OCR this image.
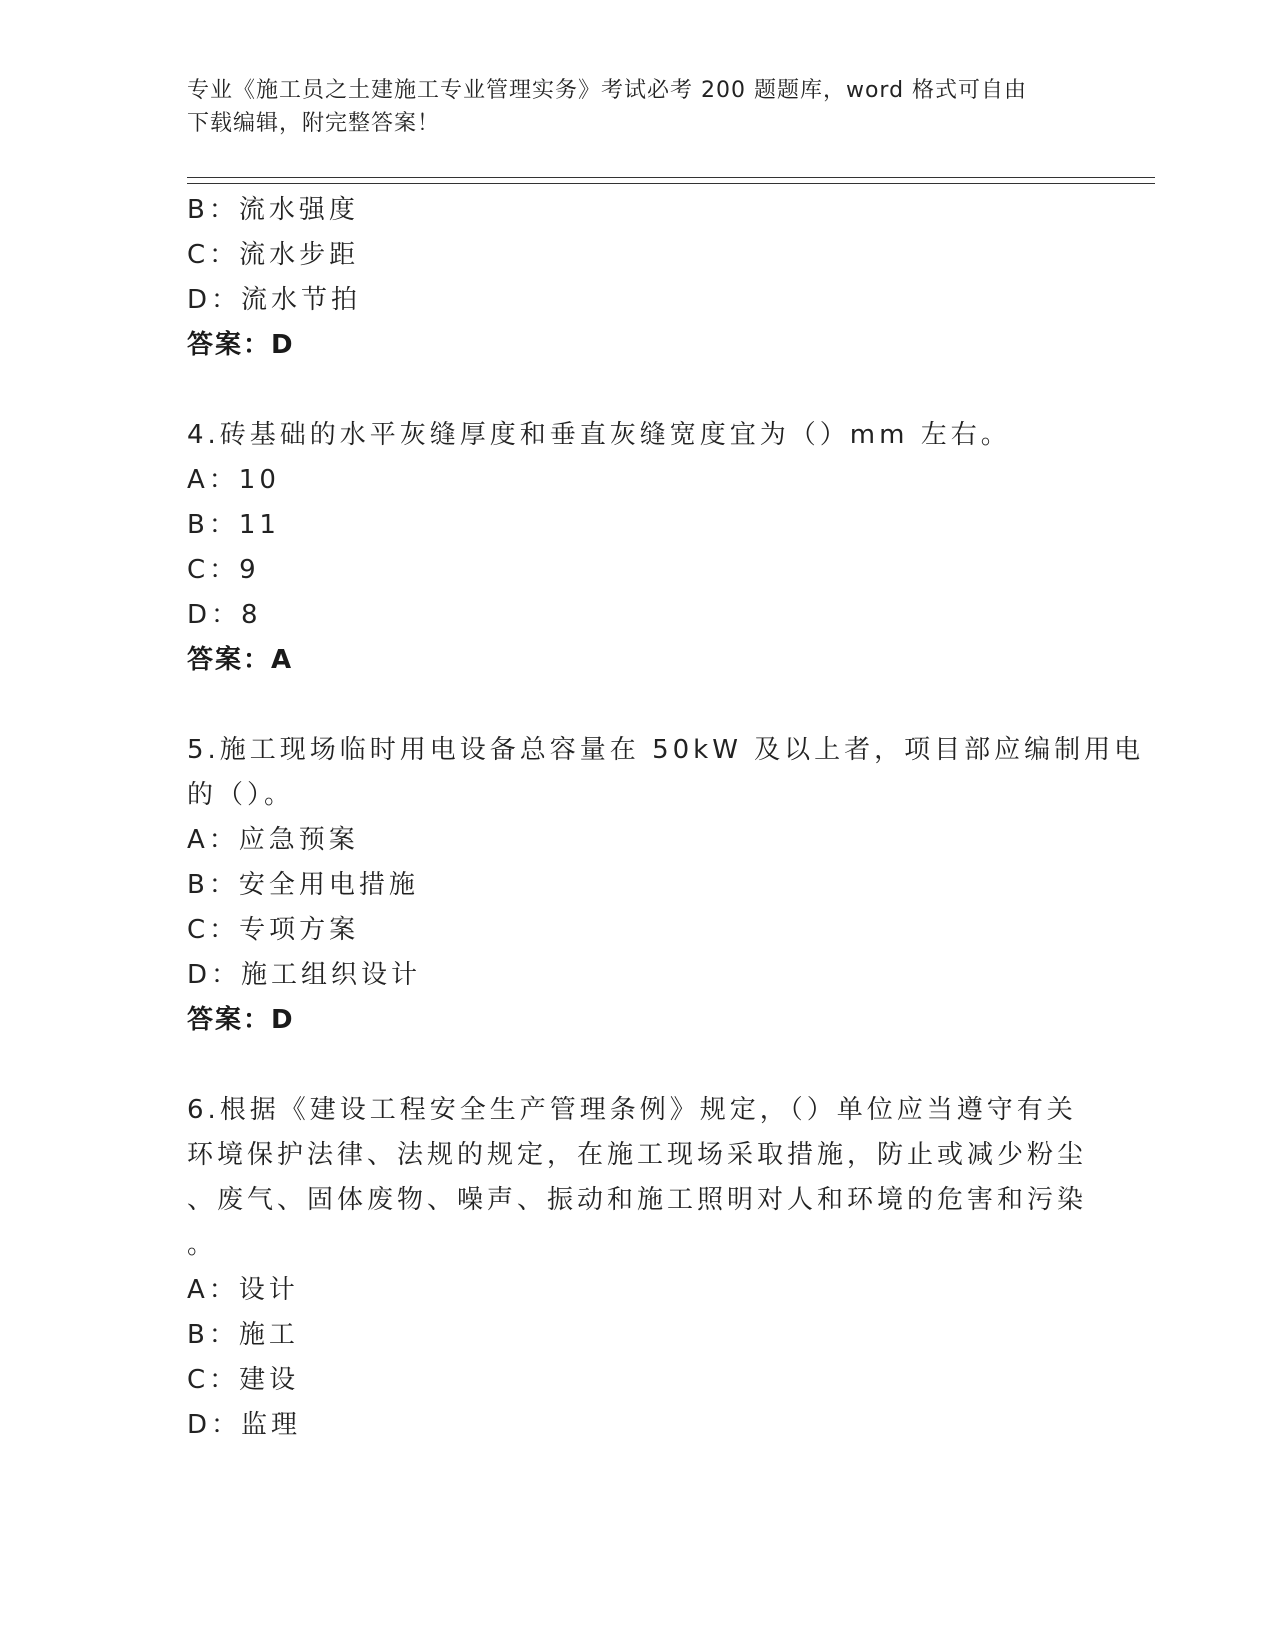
专业《施工员之土建施工专业管理实务》考试必考 200 题题库，word 格式可自由
下载编辑，附完整答案！
B：流水强度
C：流水步距
D：流水节拍
答案：D
4.砖基础的水平灰缝厚度和垂直灰缝宽度宜为（）mm 左右。
A：10
B：11
C：9
D：8
答案：A
5.施工现场临时用电设备总容量在 50kW 及以上者，项目部应编制用电
的（）。
A：应急预案
B：安全用电措施
C：专项方案
D：施工组织设计
答案：D
6.根据《建设工程安全生产管理条例》规定，（）单位应当遵守有关
环境保护法律、法规的规定，在施工现场采取措施，防止或减少粉尘
、废气、固体废物、噪声、振动和施工照明对人和环境的危害和污染
。
A：设计
B：施工
C：建设
D：监理
